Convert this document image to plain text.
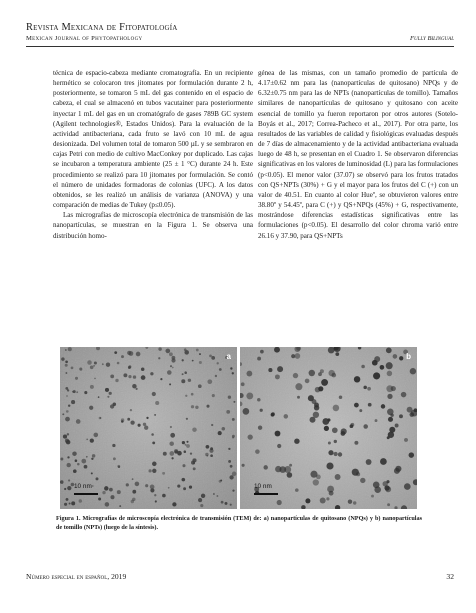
Revista Mexicana de Fitopatología
Mexican Journal of Phytopathology	Fully Bilingual

técnica de espacio-cabeza mediante cromatografía. En un recipiente hermético se colocaron tres jitomates por formulación durante 2 h, posteriormente, se tomaron 5 mL del gas contenido en el espacio de cabeza, el cual se almacenó en tubos vacutainer para posteriormente inyectar 1 mL del gas en un cromatógrafo de gases 789B GC system (Agilent technologies®, Estados Unidos). Para la evaluación de la actividad antibacteriana, cada fruto se lavó con 10 mL de agua desionizada. Del volumen total de tomaron 500 µL y se sembraron en cajas Petri con medio de cultivo MacConkey por duplicado. Las cajas se incubaron a temperatura ambiente (25 ± 1 °C) durante 24 h. Este procedimiento se realizó para 10 jitomates por formulación. Se contó el número de unidades formadoras de colonias (UFC). A los datos obtenidos, se les realizó un análisis de varianza (ANOVA) y una comparación de medias de Tukey (p≤0.05).

Las micrografías de microscopía electrónica de transmisión de las nanopartículas, se muestran en la Figura 1. Se observa una distribución homo-

génea de las mismas, con un tamaño promedio de partícula de 4.17±0.62 nm para las (nanopartículas de quitosano) NPQs y de 6.32±0.75 nm para las de NPTs (nanopartículas de tomillo). Tamaños similares de nanopartículas de quitosano y quitosano con aceite esencial de tomillo ya fueron reportaron por otros autores (Sotelo-Boyás et al., 2017; Correa-Pacheco et al., 2017). Por otra parte, los resultados de las variables de calidad y fisiológicas evaluadas después de 7 días de almacenamiento y de la actividad antibacteriana evaluada luego de 48 h, se presentan en el Cuadro 1. Se observaron diferencias significativas en los valores de luminosidad (L) para las formulaciones (p<0.05). El menor valor (37.07) se observó para los frutos tratados con QS+NPTs (30%) + G y el mayor para los frutos del C (+) con un valor de 40.51. En cuanto al color Hueº, se obtuvieron valores entre 38.80º y 54.45º, para C (+) y QS+NPQs (45%) + G, respectivamente, mostrándose diferencias estadísticas significativas entre las formulaciones (p<0.05). El desarrollo del color chroma varió entre 26.16 y 37.90, para QS+NPTs

a
10 nm
b
10 nm
Figura 1. Micrografías de microscopía electrónica de transmisión (TEM) de: a) nanopartículas de quitosano (NPQs) y b) nanopartículas de tomillo (NPTs) (luego de la síntesis).
Número especial en español, 2019	32
